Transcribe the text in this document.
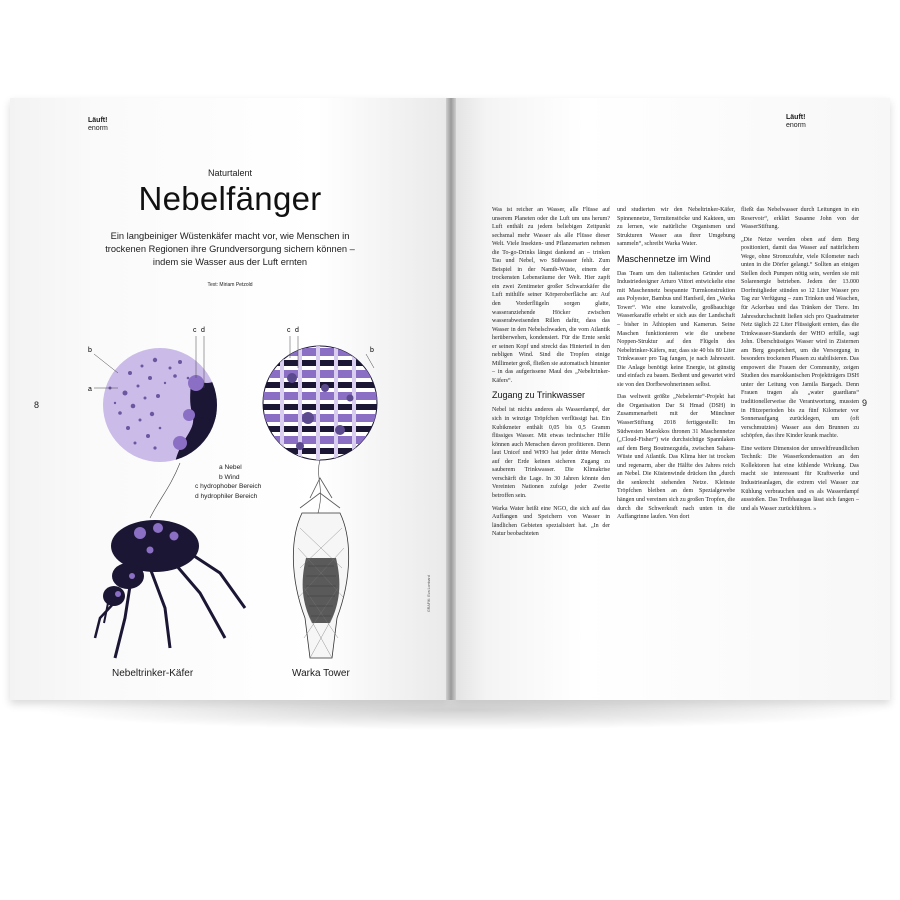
Läuft!
enorm
Naturtalent
Nebelfänger
Ein langbeiniger Wüstenkäfer macht vor, wie Menschen in trockenen Regionen ihre Grundversorgung sichern können – indem sie Wasser aus der Luft ernten
Text: Miriam Petzold
8
c d
b
a
c d
b
a Nebel
b Wind
c hydrophober Bereich
d hydrophiler Bereich
Nebeltrinker-Käfer	Warka Tower
GRAFIK: Eva Lombard
Läuft!
enorm
9

Was ist reicher an Wasser, alle Flüsse auf unserem Planeten oder die Luft um uns herum? Luft enthält zu jedem beliebigen Zeitpunkt sechsmal mehr Wasser als alle Flüsse dieser Welt. Viele Insekten- und Pflanzenarten nehmen die To-go-Drinks längst dankend an – trinken Tau und Nebel, wo Süßwasser fehlt. Zum Beispiel in der Namib-Wüste, einem der trockensten Lebensräume der Welt. Hier zapft ein zwei Zentimeter großer Schwarzkäfer die Luft mithilfe seiner Körperoberfläche an: Auf den Vorderflügeln sorgen glatte, wasseranziehende Höcker zwischen wasserabweisenden Rillen dafür, dass das Wasser in den Nebelschwaden, die vom Atlantik herüberwehen, kondensiert. Für die Ernte senkt er seinen Kopf und streckt das Hinterteil in den nebligen Wind. Sind die Tropfen einige Millimeter groß, fließen sie automatisch hinunter – in das aufgerissene Maul des „Nebeltrinker-Käfers“.

Zugang zu Trinkwasser

Nebel ist nichts anderes als Wasserdampf, der sich in winzige Tröpfchen verflüssigt hat. Ein Kubikmeter enthält 0,05 bis 0,5 Gramm flüssiges Wasser. Mit etwas technischer Hilfe können auch Menschen davon profitieren. Denn laut Unicef und WHO hat jeder dritte Mensch auf der Erde keinen sicheren Zugang zu sauberem Trinkwasser. Die Klimakrise verschärft die Lage. In 30 Jahren könnte den Vereinten Nationen zufolge jeder Zweite betroffen sein.

Warka Water heißt eine NGO, die sich auf das Auffangen und Speichern von Wasser in ländlichen Gebieten spezialisiert hat. „In der Natur beobachteten

und studierten wir den Nebeltrinker-Käfer, Spinnennetze, Termitenstöcke und Kakteen, um zu lernen, wie natürliche Organismen und Strukturen Wasser aus ihrer Umgebung sammeln“, schreibt Warka Water.

Maschennetze im Wind

Das Team um den italienischen Gründer und Industriedesigner Arturo Vittori entwickelte eine mit Maschennetz bespannte Turmkonstruktion aus Polyester, Bambus und Hanfseil, den „Warka Tower“. Wie eine kunstvolle, großbauchige Wasserkaraffe erhebt er sich aus der Landschaft – bisher in Äthiopien und Kamerun. Seine Maschen funktionieren wie die unebene Noppen-Struktur auf den Flügeln des Nebeltrinker-Käfers, nur, dass sie 40 bis 80 Liter Trinkwasser pro Tag fangen, je nach Jahreszeit. Die Anlage benötigt keine Energie, ist günstig und einfach zu bauen. Bedient und gewartet wird sie von den Dorfbewohnerinnen selbst.

Das weltweit größte „Nebelernte“-Projekt hat die Organisation Dar Si Hmad (DSH) in Zusammenarbeit mit der Münchner WasserStiftung 2018 fertiggestellt: Im Südwesten Marokkos thronen 31 Maschennetze („Cloud-Fisher“) wie durchsichtige Spannlaken auf dem Berg Boutmezguida, zwischen Sahara-Wüste und Atlantik. Das Klima hier ist trocken und regenarm, aber die Hälfte des Jahres reich an Nebel. Die Küstenwinde drücken ihn „durch die senkrecht stehenden Netze. Kleinste Tröpfchen bleiben an dem Spezialgewebe hängen und vereinen sich zu großen Tropfen, die durch die Schwerkraft nach unten in die Auffangrinne laufen. Von dort

fließt das Nebelwasser durch Leitungen in ein Reservoir“, erklärt Susanne John von der WasserStiftung.

„Die Netze werden oben auf dem Berg positioniert, damit das Wasser auf natürlichem Wege, ohne Stromzufuhr, viele Kilometer nach unten in die Dörfer gelangt.“ Sollten an einigen Stellen doch Pumpen nötig sein, werden sie mit Solarenergie betrieben. Jedem der 13.000 Dorfmitglieder stünden so 12 Liter Wasser pro Tag zur Verfügung – zum Trinken und Waschen, für Ackerbau und das Tränken der Tiere. Im Jahresdurchschnitt ließen sich pro Quadratmeter Netz täglich 22 Liter Flüssigkeit ernten, das die Trinkwasser-Standards der WHO erfülle, sagt John. Überschüssiges Wasser wird in Zisternen am Berg gespeichert, um die Versorgung in besonders trockenen Phasen zu stabilisieren. Das empowert die Frauen der Community, zeigen Studien des marokkanischen Projektträgers DSH unter der Leitung von Jamila Bargach. Denn Frauen tragen als „water guardians“ traditionellerweise die Verantwortung, mussten in Hitzeperioden bis zu fünf Kilometer vor Sonnenaufgang zurücklegen, um (oft verschmutztes) Wasser aus den Brunnen zu schöpfen, das ihre Kinder krank machte.

Eine weitere Dimension der umweltfreundlichen Technik: Die Wasserkondensation an den Kollektoren hat eine kühlende Wirkung. Das macht sie interessant für Kraftwerke und Industrieanlagen, die extrem viel Wasser zur Kühlung verbrauchen und es als Wasserdampf ausstoßen. Das Treibhausgas lässt sich fangen – und als Wasser zurückführen. »
